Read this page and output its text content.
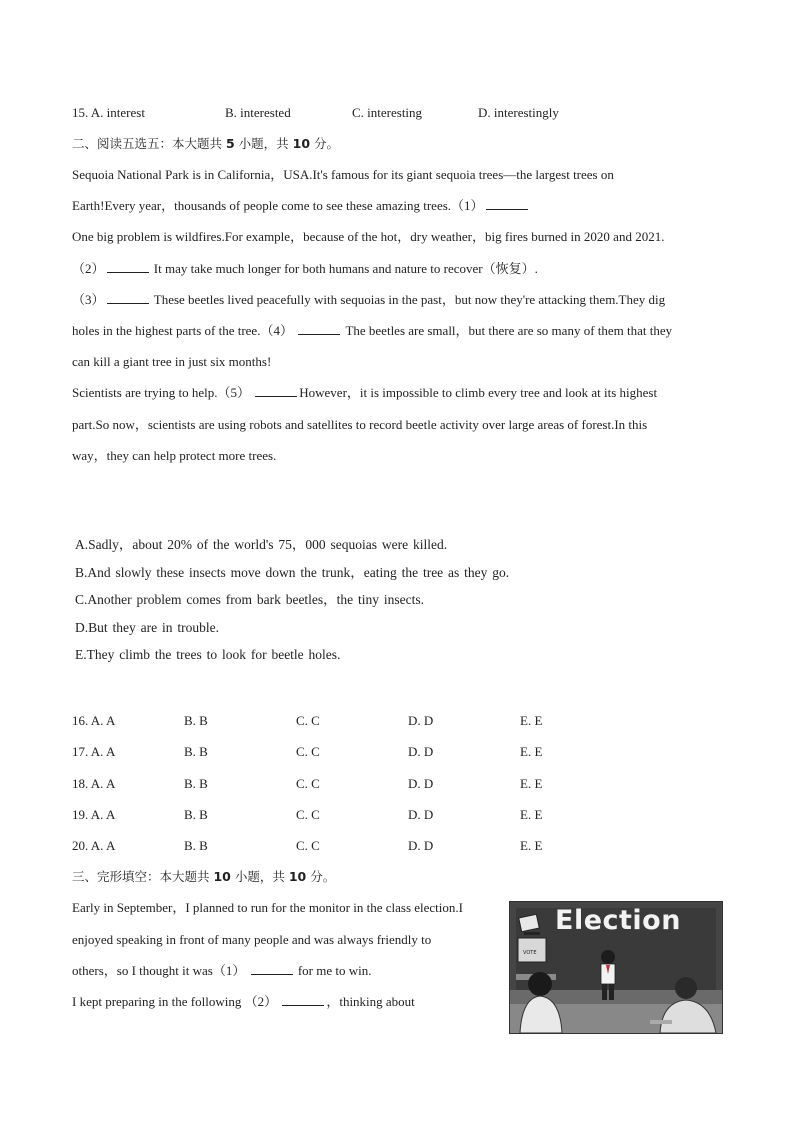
15. A. interest	B. interested	C. interesting	D. interestingly
二、阅读五选五：本大题共 5 小题，共 10 分。
Sequoia National Park is in California，USA.It's famous for its giant sequoia trees—the largest trees on
Earth!Every year，thousands of people come to see these amazing trees.（1）
One big problem is wildfires.For example，because of the hot，dry weather，big fires burned in 2020 and 2021.
（2）	It may take much longer for both humans and nature to recover（恢复）.
（3）	These beetles lived peacefully with sequoias in the past，but now they're attacking them.They dig
holes in the highest parts of the tree.（4）	The beetles are small，but there are so many of them that they
can kill a giant tree in just six months!
Scientists are trying to help.（5）	However，it is impossible to climb every tree and look at its highest
part.So now，scientists are using robots and satellites to record beetle activity over large areas of forest.In this
way，they can help protect more trees.
A.Sadly，about 20% of the world's 75，000 sequoias were killed.
B.And slowly these insects move down the trunk，eating the tree as they go.
C.Another problem comes from bark beetles，the tiny insects.
D.But they are in trouble.
E.They climb the trees to look for beetle holes.
16. A. A	B. B	C. C	D. D	E. E
17. A. A	B. B	C. C	D. D	E. E
18. A. A	B. B	C. C	D. D	E. E
19. A. A	B. B	C. C	D. D	E. E
20. A. A	B. B	C. C	D. D	E. E
三、完形填空：本大题共 10 小题，共 10 分。
Early in September，I planned to run for the monitor in the class election.I
enjoyed speaking in front of many people and was always friendly to
others，so I thought it was（1）	for me to win.
I kept preparing in the following （2）	，thinking about
VOTE
Election
